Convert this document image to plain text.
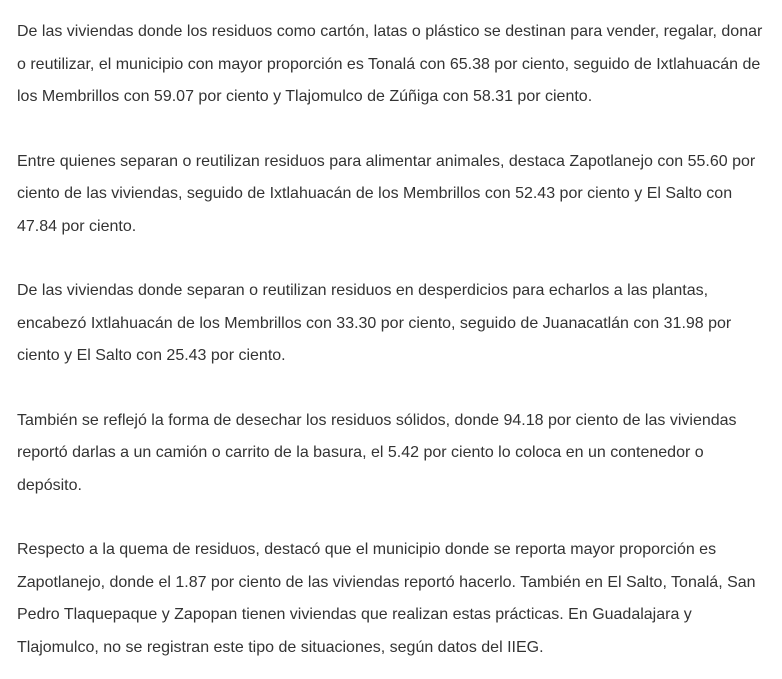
De las viviendas donde los residuos como cartón, latas o plástico se destinan para vender, regalar, donar o reutilizar, el municipio con mayor proporción es Tonalá con 65.38 por ciento, seguido de Ixtlahuacán de los Membrillos con 59.07 por ciento y Tlajomulco de Zúñiga con 58.31 por ciento.

Entre quienes separan o reutilizan residuos para alimentar animales, destaca Zapotlanejo con 55.60 por ciento de las viviendas, seguido de Ixtlahuacán de los Membrillos con 52.43 por ciento y El Salto con 47.84 por ciento.

De las viviendas donde separan o reutilizan residuos en desperdicios para echarlos a las plantas, encabezó Ixtlahuacán de los Membrillos con 33.30 por ciento, seguido de Juanacatlán con 31.98 por ciento y El Salto con 25.43 por ciento.

También se reflejó la forma de desechar los residuos sólidos, donde 94.18 por ciento de las viviendas reportó darlas a un camión o carrito de la basura, el 5.42 por ciento lo coloca en un contenedor o depósito.

Respecto a la quema de residuos, destacó que el municipio donde se reporta mayor proporción es Zapotlanejo, donde el 1.87 por ciento de las viviendas reportó hacerlo. También en El Salto, Tonalá, San Pedro Tlaquepaque y Zapopan tienen viviendas que realizan estas prácticas. En Guadalajara y Tlajomulco, no se registran este tipo de situaciones, según datos del IIEG.
